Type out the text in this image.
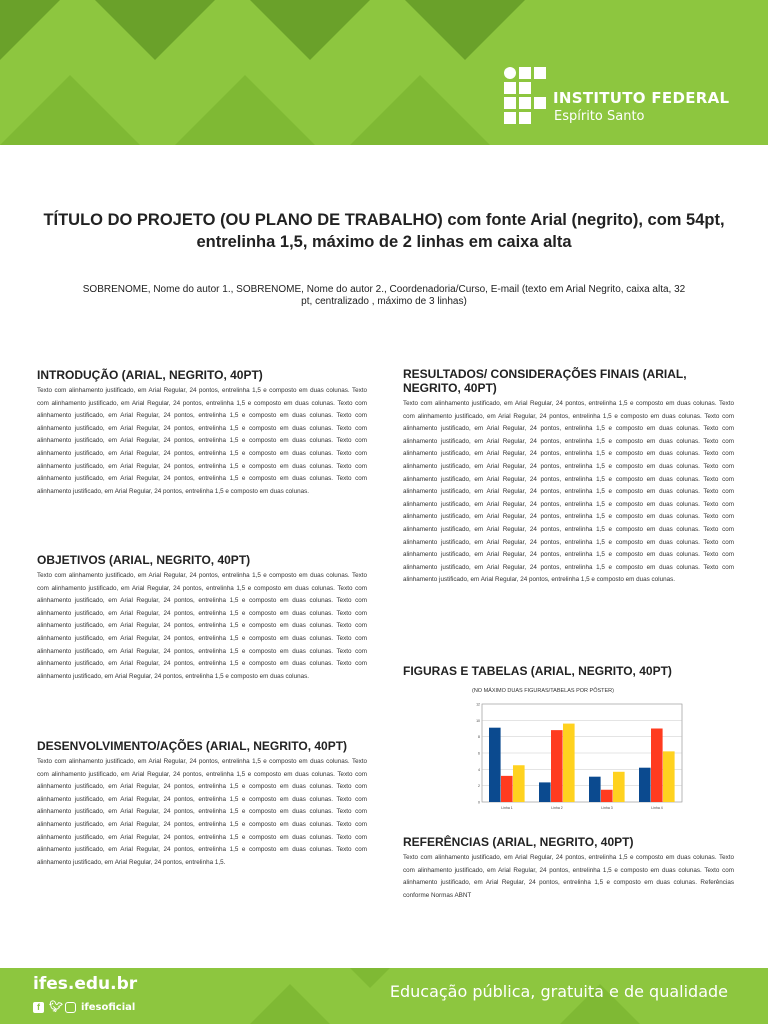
INSTITUTO FEDERAL
Espírito Santo
TÍTULO DO PROJETO (OU PLANO DE TRABALHO) com fonte Arial (negrito), com 54pt, entrelinha 1,5, máximo de 2 linhas em caixa alta
SOBRENOME, Nome do autor 1., SOBRENOME, Nome do autor 2., Coordenadoria/Curso, E-mail (texto em Arial Negrito, caixa alta, 32 pt, centralizado , máximo de 3 linhas)
INTRODUÇÃO (ARIAL, NEGRITO, 40PT)

Texto com alinhamento justificado, em Arial Regular, 24 pontos, entrelinha 1,5 e composto em duas colunas. Texto com alinhamento justificado, em Arial Regular, 24 pontos, entrelinha 1,5 e composto em duas colunas. Texto com alinhamento justificado, em Arial Regular, 24 pontos, entrelinha 1,5 e composto em duas colunas. Texto com alinhamento justificado, em Arial Regular, 24 pontos, entrelinha 1,5 e composto em duas colunas. Texto com alinhamento justificado, em Arial Regular, 24 pontos, entrelinha 1,5 e composto em duas colunas. Texto com alinhamento justificado, em Arial Regular, 24 pontos, entrelinha 1,5 e composto em duas colunas. Texto com alinhamento justificado, em Arial Regular, 24 pontos, entrelinha 1,5 e composto em duas colunas. Texto com alinhamento justificado, em Arial Regular, 24 pontos, entrelinha 1,5 e composto em duas colunas. Texto com alinhamento justificado, em Arial Regular, 24 pontos, entrelinha 1,5 e composto em duas colunas.

OBJETIVOS (ARIAL, NEGRITO, 40PT)

Texto com alinhamento justificado, em Arial Regular, 24 pontos, entrelinha 1,5 e composto em duas colunas. Texto com alinhamento justificado, em Arial Regular, 24 pontos, entrelinha 1,5 e composto em duas colunas. Texto com alinhamento justificado, em Arial Regular, 24 pontos, entrelinha 1,5 e composto em duas colunas. Texto com alinhamento justificado, em Arial Regular, 24 pontos, entrelinha 1,5 e composto em duas colunas. Texto com alinhamento justificado, em Arial Regular, 24 pontos, entrelinha 1,5 e composto em duas colunas. Texto com alinhamento justificado, em Arial Regular, 24 pontos, entrelinha 1,5 e composto em duas colunas. Texto com alinhamento justificado, em Arial Regular, 24 pontos, entrelinha 1,5 e composto em duas colunas. Texto com alinhamento justificado, em Arial Regular, 24 pontos, entrelinha 1,5 e composto em duas colunas. Texto com alinhamento justificado, em Arial Regular, 24 pontos, entrelinha 1,5 e composto em duas colunas.

DESENVOLVIMENTO/AÇÕES (ARIAL, NEGRITO, 40PT)

Texto com alinhamento justificado, em Arial Regular, 24 pontos, entrelinha 1,5 e composto em duas colunas. Texto com alinhamento justificado, em Arial Regular, 24 pontos, entrelinha 1,5 e composto em duas colunas. Texto com alinhamento justificado, em Arial Regular, 24 pontos, entrelinha 1,5 e composto em duas colunas. Texto com alinhamento justificado, em Arial Regular, 24 pontos, entrelinha 1,5 e composto em duas colunas. Texto com alinhamento justificado, em Arial Regular, 24 pontos, entrelinha 1,5 e composto em duas colunas. Texto com alinhamento justificado, em Arial Regular, 24 pontos, entrelinha 1,5 e composto em duas colunas. Texto com alinhamento justificado, em Arial Regular, 24 pontos, entrelinha 1,5 e composto em duas colunas. Texto com alinhamento justificado, em Arial Regular, 24 pontos, entrelinha 1,5 e composto em duas colunas. Texto com alinhamento justificado, em Arial Regular, 24 pontos, entrelinha 1,5.

RESULTADOS/ CONSIDERAÇÕES FINAIS (ARIAL, NEGRITO, 40PT)

Texto com alinhamento justificado, em Arial Regular, 24 pontos, entrelinha 1,5 e composto em duas colunas. Texto com alinhamento justificado, em Arial Regular, 24 pontos, entrelinha 1,5 e composto em duas colunas. Texto com alinhamento justificado, em Arial Regular, 24 pontos, entrelinha 1,5 e composto em duas colunas. Texto com alinhamento justificado, em Arial Regular, 24 pontos, entrelinha 1,5 e composto em duas colunas. Texto com alinhamento justificado, em Arial Regular, 24 pontos, entrelinha 1,5 e composto em duas colunas. Texto com alinhamento justificado, em Arial Regular, 24 pontos, entrelinha 1,5 e composto em duas colunas. Texto com alinhamento justificado, em Arial Regular, 24 pontos, entrelinha 1,5 e composto em duas colunas. Texto com alinhamento justificado, em Arial Regular, 24 pontos, entrelinha 1,5 e composto em duas colunas. Texto com alinhamento justificado, em Arial Regular, 24 pontos, entrelinha 1,5 e composto em duas colunas. Texto com alinhamento justificado, em Arial Regular, 24 pontos, entrelinha 1,5 e composto em duas colunas. Texto com alinhamento justificado, em Arial Regular, 24 pontos, entrelinha 1,5 e composto em duas colunas. Texto com alinhamento justificado, em Arial Regular, 24 pontos, entrelinha 1,5 e composto em duas colunas. Texto com alinhamento justificado, em Arial Regular, 24 pontos, entrelinha 1,5 e composto em duas colunas. Texto com alinhamento justificado, em Arial Regular, 24 pontos, entrelinha 1,5 e composto em duas colunas. Texto com alinhamento justificado, em Arial Regular, 24 pontos, entrelinha 1,5 e composto em duas colunas.

FIGURAS E TABELAS (ARIAL, NEGRITO, 40PT)
(NO MÁXIMO DUAS FIGURAS/TABELAS POR PÔSTER)
0
2
4
6
8
10
12
Linha 1	Linha 2	Linha 3	Linha 4
REFERÊNCIAS (ARIAL, NEGRITO, 40PT)

Texto com alinhamento justificado, em Arial Regular, 24 pontos, entrelinha 1,5 e composto em duas colunas. Texto com alinhamento justificado, em Arial Regular, 24 pontos, entrelinha 1,5 e composto em duas colunas. Texto com alinhamento justificado, em Arial Regular, 24 pontos, entrelinha 1,5 e composto em duas colunas. Referências conforme Normas ABNT

ifes.edu.br
f 🐦︎ ifesoficial
Educação pública, gratuita e de qualidade
